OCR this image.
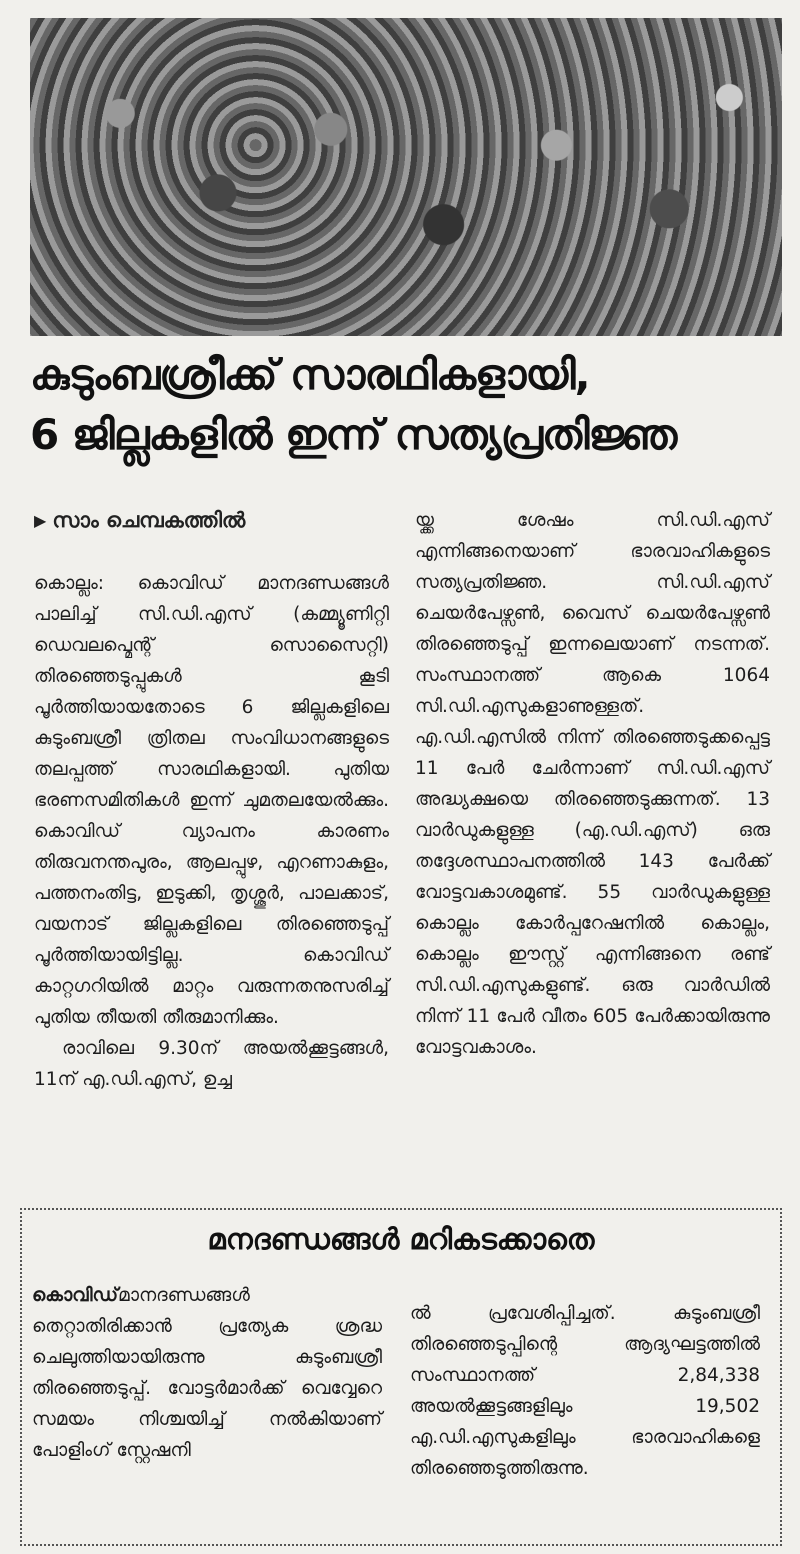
കുടുംബശ്രീക്ക് സാരഥികളായി,
6 ജില്ലകളിൽ ഇന്ന് സത്യപ്രതിജ്ഞ
▶ സാം ചെമ്പകത്തിൽ

കൊല്ലം: കൊവിഡ് മാനദണ്ഡങ്ങൾ പാലിച്ച് സി.ഡി.എസ് (കമ്മ്യൂണിറ്റി ഡെവലപ്മെന്റ് സൊസൈറ്റി) തിരഞ്ഞെടുപ്പുകൾ കൂടി പൂർത്തിയായതോടെ 6 ജില്ലകളിലെ കുടുംബശ്രീ ത്രിതല സംവിധാനങ്ങളുടെ തലപ്പത്ത് സാരഥികളായി. പുതിയ ഭരണസമിതികൾ ഇന്ന് ചുമതലയേൽക്കും. കൊവിഡ് വ്യാപനം കാരണം തിരുവനന്തപുരം, ആലപ്പുഴ, എറണാകുളം, പത്തനംതിട്ട, ഇടുക്കി, തൃശ്ശൂർ, പാലക്കാട്, വയനാട് ജില്ലകളിലെ തിരഞ്ഞെടുപ്പ് പൂർത്തിയായിട്ടില്ല. കൊവിഡ് കാറ്റഗറിയിൽ മാറ്റം വരുന്നതനുസരിച്ച് പുതിയ തീയതി തീരുമാനിക്കും.

രാവിലെ 9.30ന് അയൽക്കൂട്ടങ്ങൾ, 11ന് എ.ഡി.എസ്, ഉച്ച

യ്ക്ക ശേഷം സി.ഡി.എസ് എന്നിങ്ങനെയാണ് ഭാരവാഹികളുടെ സത്യപ്രതിജ്ഞ. സി.ഡി.എസ് ചെയർപേഴ്സൺ, വൈസ് ചെയർപേഴ്സൺ തിരഞ്ഞെടുപ്പ് ഇന്നലെയാണ് നടന്നത്. സംസ്ഥാനത്ത് ആകെ 1064 സി.ഡി.എസുകളാണുള്ളത്. എ.ഡി.എസിൽ നിന്ന് തിരഞ്ഞെടുക്കപ്പെട്ട 11 പേർ ചേർന്നാണ് സി.ഡി.എസ് അദ്ധ്യക്ഷയെ തിരഞ്ഞെടുക്കുന്നത്. 13 വാർഡുകളുള്ള (എ.ഡി.എസ്) ഒരു തദ്ദേശസ്ഥാപനത്തിൽ 143 പേർക്ക് വോട്ടവകാശമുണ്ട്. 55 വാർഡുകളുള്ള കൊല്ലം കോർപ്പറേഷനിൽ കൊല്ലം, കൊല്ലം ഈസ്റ്റ് എന്നിങ്ങനെ രണ്ട് സി.ഡി.എസുകളുണ്ട്. ഒരു വാർഡിൽ നിന്ന് 11 പേർ വീതം 605 പേർക്കായിരുന്നു വോട്ടവകാശം.

മനദണ്ഡങ്ങൾ മറികടക്കാതെ
കൊവിഡ്മാനദണ്ഡങ്ങൾ തെറ്റാതിരിക്കാൻ പ്രത്യേക ശ്രദ്ധ ചെലുത്തിയായിരുന്നു കുടുംബശ്രീ തിരഞ്ഞെടുപ്പ്. വോട്ടർമാർക്ക് വെവ്വേറെ സമയം നിശ്ചയിച്ച് നൽകിയാണ് പോളിംഗ് സ്റ്റേഷനി
ൽ പ്രവേശിപ്പിച്ചത്. കുടുംബശ്രീ തിരഞ്ഞെടുപ്പിന്റെ ആദ്യഘട്ടത്തിൽ സംസ്ഥാനത്ത് 2,84,338 അയൽക്കൂട്ടങ്ങളിലും 19,502 എ.ഡി.എസുകളിലും ഭാരവാഹികളെ തിരഞ്ഞെടുത്തിരുന്നു.
